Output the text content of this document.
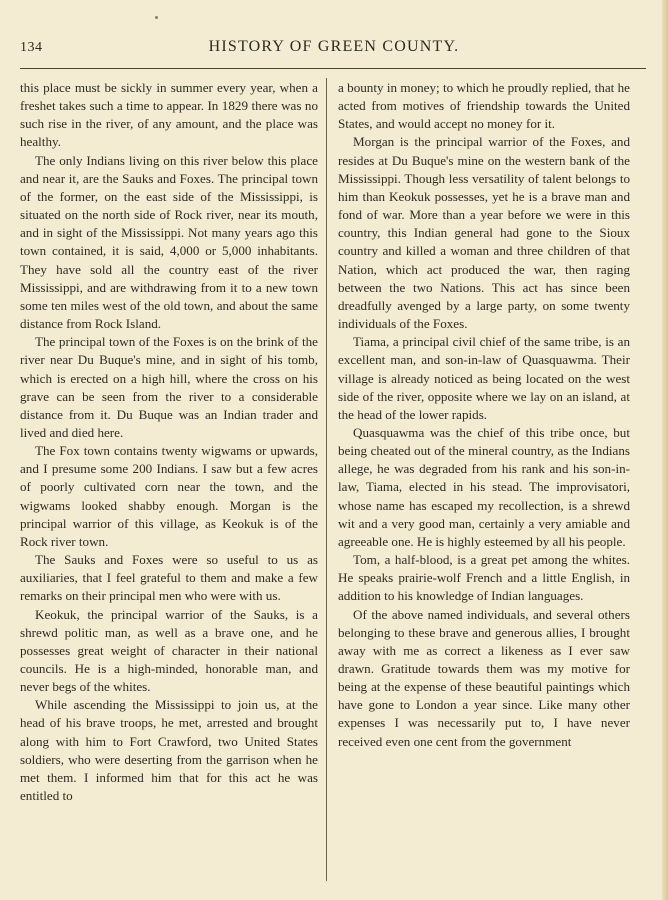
134	HISTORY OF GREEN COUNTY.

this place must be sickly in summer every year, when a freshet takes such a time to appear. In 1829 there was no such rise in the river, of any amount, and the place was healthy.

The only Indians living on this river below this place and near it, are the Sauks and Foxes. The principal town of the former, on the east side of the Mississippi, is situated on the north side of Rock river, near its mouth, and in sight of the Mississippi. Not many years ago this town contained, it is said, 4,000 or 5,000 inhabitants. They have sold all the country east of the river Mississippi, and are withdrawing from it to a new town some ten miles west of the old town, and about the same distance from Rock Island.

The principal town of the Foxes is on the brink of the river near Du Buque's mine, and in sight of his tomb, which is erected on a high hill, where the cross on his grave can be seen from the river to a considerable distance from it. Du Buque was an Indian trader and lived and died here.

The Fox town contains twenty wigwams or upwards, and I presume some 200 Indians. I saw but a few acres of poorly cultivated corn near the town, and the wigwams looked shabby enough. Morgan is the principal warrior of this village, as Keokuk is of the Rock river town.

The Sauks and Foxes were so useful to us as auxiliaries, that I feel grateful to them and make a few remarks on their principal men who were with us.

Keokuk, the principal warrior of the Sauks, is a shrewd politic man, as well as a brave one, and he possesses great weight of character in their national councils. He is a high-minded, honorable man, and never begs of the whites.

While ascending the Mississippi to join us, at the head of his brave troops, he met, arrested and brought along with him to Fort Crawford, two United States soldiers, who were deserting from the garrison when he met them. I informed him that for this act he was entitled to

a bounty in money; to which he proudly replied, that he acted from motives of friendship towards the United States, and would accept no money for it.

Morgan is the principal warrior of the Foxes, and resides at Du Buque's mine on the western bank of the Mississippi. Though less versatility of talent belongs to him than Keokuk possesses, yet he is a brave man and fond of war. More than a year before we were in this country, this Indian general had gone to the Sioux country and killed a woman and three children of that Nation, which act produced the war, then raging between the two Nations. This act has since been dreadfully avenged by a large party, on some twenty individuals of the Foxes.

Tiama, a principal civil chief of the same tribe, is an excellent man, and son-in-law of Quasquawma. Their village is already noticed as being located on the west side of the river, opposite where we lay on an island, at the head of the lower rapids.

Quasquawma was the chief of this tribe once, but being cheated out of the mineral country, as the Indians allege, he was degraded from his rank and his son-in-law, Tiama, elected in his stead. The improvisatori, whose name has escaped my recollection, is a shrewd wit and a very good man, certainly a very amiable and agreeable one. He is highly esteemed by all his people.

Tom, a half-blood, is a great pet among the whites. He speaks prairie-wolf French and a little English, in addition to his knowledge of Indian languages.

Of the above named individuals, and several others belonging to these brave and generous allies, I brought away with me as correct a likeness as I ever saw drawn. Gratitude towards them was my motive for being at the expense of these beautiful paintings which have gone to London a year since. Like many other expenses I was necessarily put to, I have never received even one cent from the government
